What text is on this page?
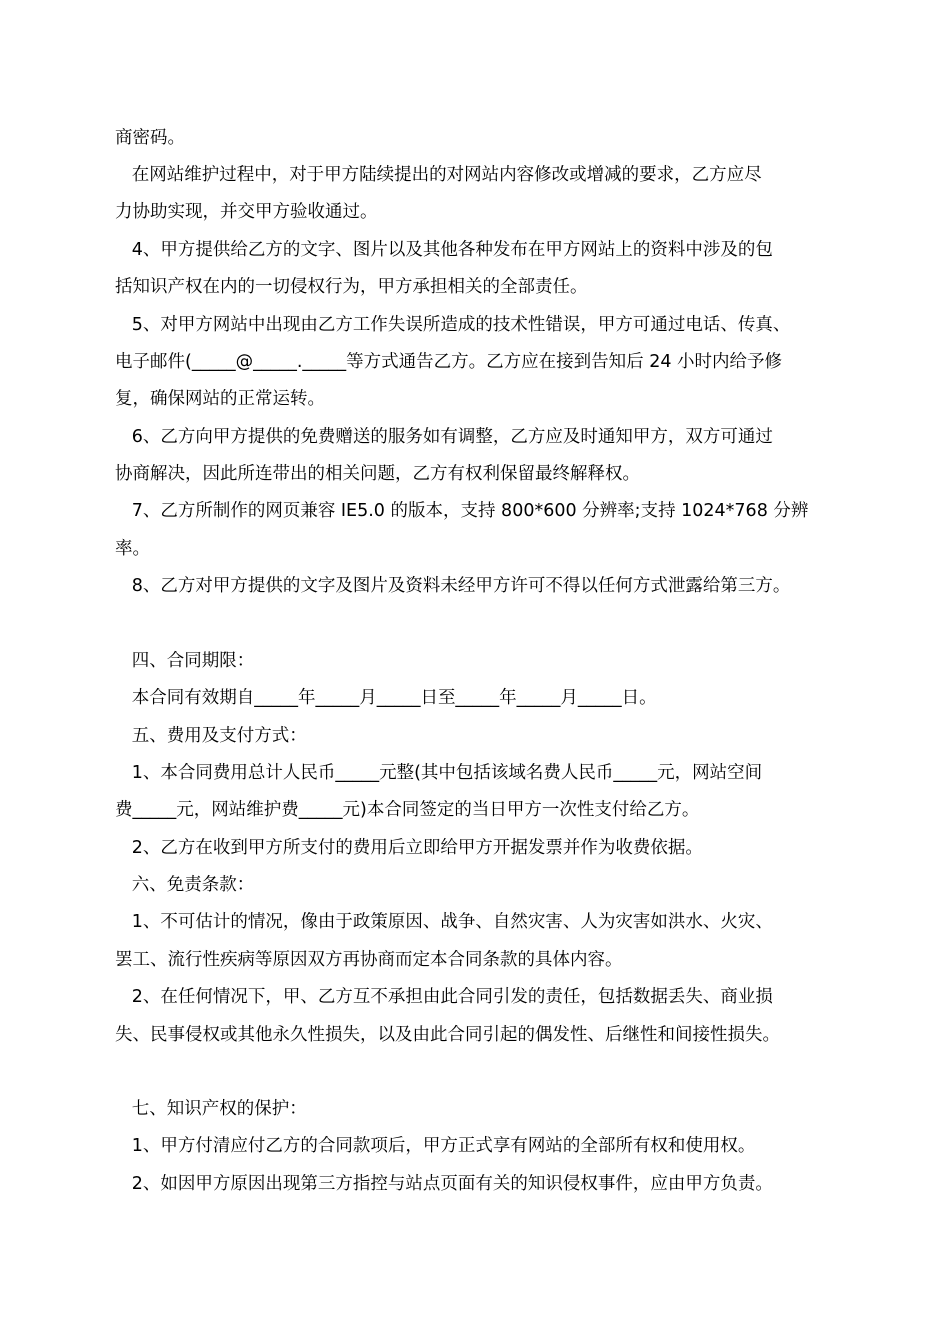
商密码。
在网站维护过程中，对于甲方陆续提出的对网站内容修改或增减的要求，乙方应尽
力协助实现，并交甲方验收通过。
4、甲方提供给乙方的文字、图片以及其他各种发布在甲方网站上的资料中涉及的包
括知识产权在内的一切侵权行为，甲方承担相关的全部责任。
5、对甲方网站中出现由乙方工作失误所造成的技术性错误，甲方可通过电话、传真、
电子邮件(_____@_____._____等方式通告乙方。乙方应在接到告知后 24 小时内给予修
复，确保网站的正常运转。
6、乙方向甲方提供的免费赠送的服务如有调整，乙方应及时通知甲方，双方可通过
协商解决，因此所连带出的相关问题，乙方有权利保留最终解释权。
7、乙方所制作的网页兼容 IE5.0 的版本，支持 800*600 分辨率;支持 1024*768 分辨
率。
8、乙方对甲方提供的文字及图片及资料未经甲方许可不得以任何方式泄露给第三方。
四、合同期限：
本合同有效期自_____年_____月_____日至_____年_____月_____日。
五、费用及支付方式：
1、本合同费用总计人民币_____元整(其中包括该域名费人民币_____元，网站空间
费_____元，网站维护费_____元)本合同签定的当日甲方一次性支付给乙方。
2、乙方在收到甲方所支付的费用后立即给甲方开据发票并作为收费依据。
六、免责条款：
1、不可估计的情况，像由于政策原因、战争、自然灾害、人为灾害如洪水、火灾、
罢工、流行性疾病等原因双方再协商而定本合同条款的具体内容。
2、在任何情况下，甲、乙方互不承担由此合同引发的责任，包括数据丢失、商业损
失、民事侵权或其他永久性损失，以及由此合同引起的偶发性、后继性和间接性损失。
七、知识产权的保护：
1、甲方付清应付乙方的合同款项后，甲方正式享有网站的全部所有权和使用权。
2、如因甲方原因出现第三方指控与站点页面有关的知识侵权事件，应由甲方负责。
